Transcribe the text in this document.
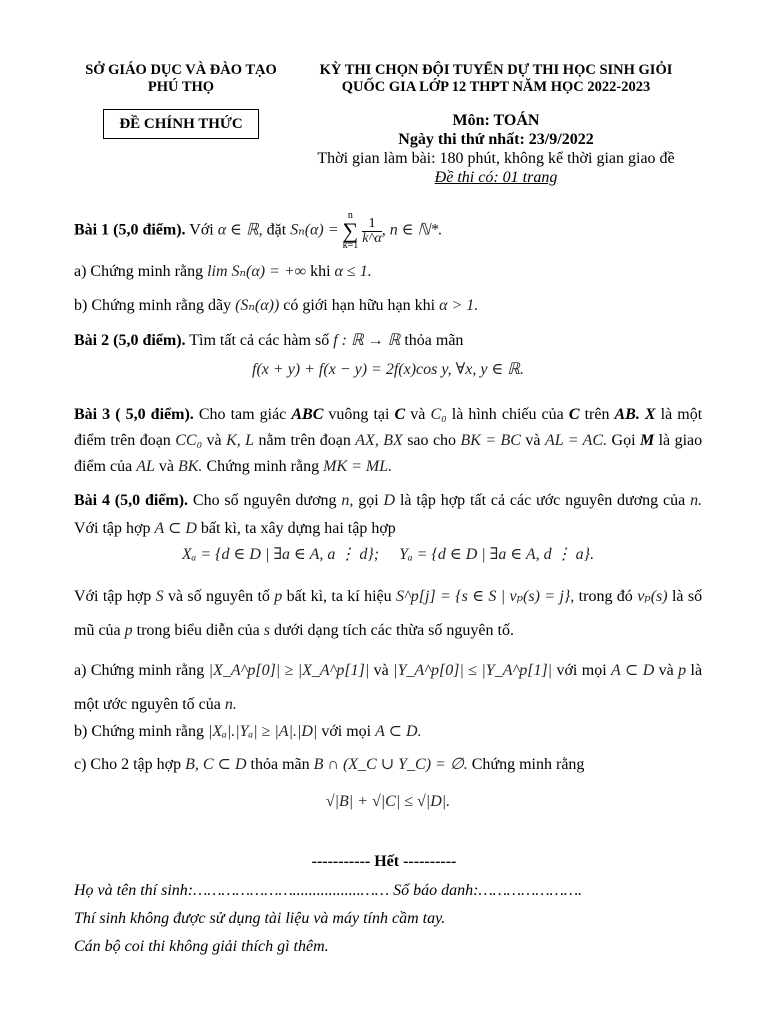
SỞ GIÁO DỤC VÀ ĐÀO TẠO
PHÚ THỌ
ĐỀ CHÍNH THỨC
KỲ THI CHỌN ĐỘI TUYỂN DỰ THI HỌC SINH GIỎI
QUỐC GIA LỚP 12 THPT NĂM HỌC 2022-2023
Môn: TOÁN
Ngày thi thứ nhất: 23/9/2022
Thời gian làm bài: 180 phút, không kể thời gian giao đề
Đề thi có: 01 trang
Bài 1 (5,0 điểm). Với α ∈ ℝ, đặt Sₙ(α) =
n
∑
k=1
$\frac{1}{k\^{}\alpha}$ , n ∈ ℕ*.
a) Chứng minh rằng lim Sₙ(α) = +∞ khi α ≤ 1.
b) Chứng minh rằng dãy (Sₙ(α)) có giới hạn hữu hạn khi α > 1.
Bài 2 (5,0 điểm). Tìm tất cả các hàm số f : ℝ → ℝ thỏa mãn
f(x + y) + f(x − y) = 2f(x)cos y, ∀x, y ∈ ℝ.
Bài 3 ( 5,0 điểm). Cho tam giác ABC vuông tại C và C₀ là hình chiếu của C trên AB. X là một điểm trên đoạn CC₀ và K, L nằm trên đoạn AX, BX sao cho BK = BC và AL = AC. Gọi M là giao điểm của AL và BK. Chứng minh rằng MK = ML.
Bài 4 (5,0 điểm). Cho số nguyên dương n, gọi D là tập hợp tất cả các ước nguyên dương của n. Với tập hợp A ⊂ D bất kì, ta xây dựng hai tập hợp
Xₐ = {d ∈ D | ∃a ∈ A, a ⋮ d}; Yₐ = {d ∈ D | ∃a ∈ A, d ⋮ a}.
Với tập hợp S và số nguyên tố p bất kì, ta kí hiệu S^p[j] = {s ∈ S | vₚ(s) = j}, trong đó vₚ(s) là số mũ của p trong biểu diễn của s dưới dạng tích các thừa số nguyên tố.
a) Chứng minh rằng |X_A^p[0]| ≥ |X_A^p[1]| và |Y_A^p[0]| ≤ |Y_A^p[1]| với mọi A ⊂ D và p là một ước nguyên tố của n.
b) Chứng minh rằng |Xₐ|.|Yₐ| ≥ |A|.|D| với mọi A ⊂ D.
c) Cho 2 tập hợp B, C ⊂ D thỏa mãn B ∩ (X_C ∪ Y_C) = ∅. Chứng minh rằng
√|B| + √|C| ≤ √|D|.
----------- Hết ----------
Họ và tên thí sinh:………………….................…… Số báo danh:………………….
Thí sinh không được sử dụng tài liệu và máy tính cầm tay.
Cán bộ coi thi không giải thích gì thêm.
